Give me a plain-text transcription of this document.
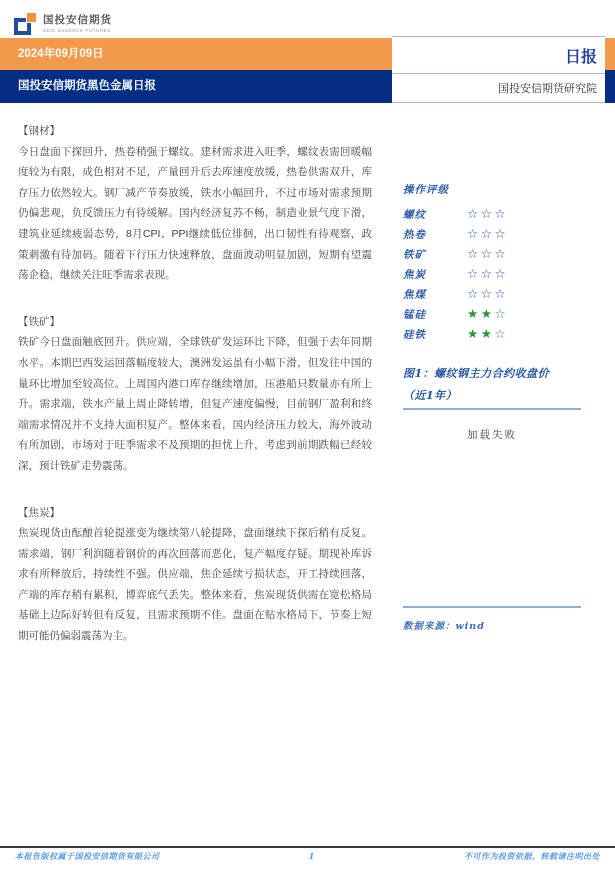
国投安信期货
SDIC ESSENCE FUTURES
2024年09月09日
国投安信期货黑色金属日报
日报
国投安信期货研究院
【钢材】

今日盘面下探回升，热卷稍强于螺纹。建材需求进入旺季，螺纹表需回暖幅度较为有限，成色相对不足，产量回升后去库速度放缓，热卷供需双升，库存压力依然较大。钢厂减产节奏放缓，铁水小幅回升，不过市场对需求预期仍偏悲观，负反馈压力有待缓解。国内经济复苏不畅，制造业景气度下滑，建筑业延续疲弱态势，8月CPI、PPI继续低位徘徊，出口韧性有待观察，政策刺激有待加码。随着下行压力快速释放，盘面波动明显加剧，短期有望震荡企稳，继续关注旺季需求表现。

【铁矿】

铁矿今日盘面触底回升。供应端，全球铁矿发运环比下降，但强于去年同期水平。本期巴西发运回落幅度较大，澳洲发运虽有小幅下滑，但发往中国的量环比增加至较高位。上周国内港口库存继续增加，压港船只数量亦有所上升。需求端，铁水产量上周止降转增，但复产速度偏慢，目前钢厂盈利和终端需求情况并不支持大面积复产。整体来看，国内经济压力较大，海外波动有所加剧，市场对于旺季需求不及预期的担忧上升，考虑到前期跌幅已经较深，预计铁矿走势震荡。

【焦炭】

焦炭现货由酝酿首轮提涨变为继续第八轮提降，盘面继续下探后稍有反复。需求端，钢厂利润随着钢价的再次回落而恶化，复产幅度存疑。期现补库诉求有所释放后，持续性不强。供应端，焦企延续亏损状态，开工持续回落，产端的库存稍有累积，博弈底气丢失。整体来看，焦炭现货供需在宽松格局基础上边际好转但有反复，且需求预期不佳。盘面在贴水格局下，节奏上短期可能仍偏弱震荡为主。

操作评级
螺纹	☆☆☆
热卷	☆☆☆
铁矿	☆☆☆
焦炭	☆☆☆
焦煤	☆☆☆
锰硅	★★☆
硅铁	★★☆
图1：螺纹钢主力合约收盘价
（近1年）
加载失败
数据来源：wind
本报告版权属于国投安信期货有限公司	1	不可作为投资依据，转载请注明出处
